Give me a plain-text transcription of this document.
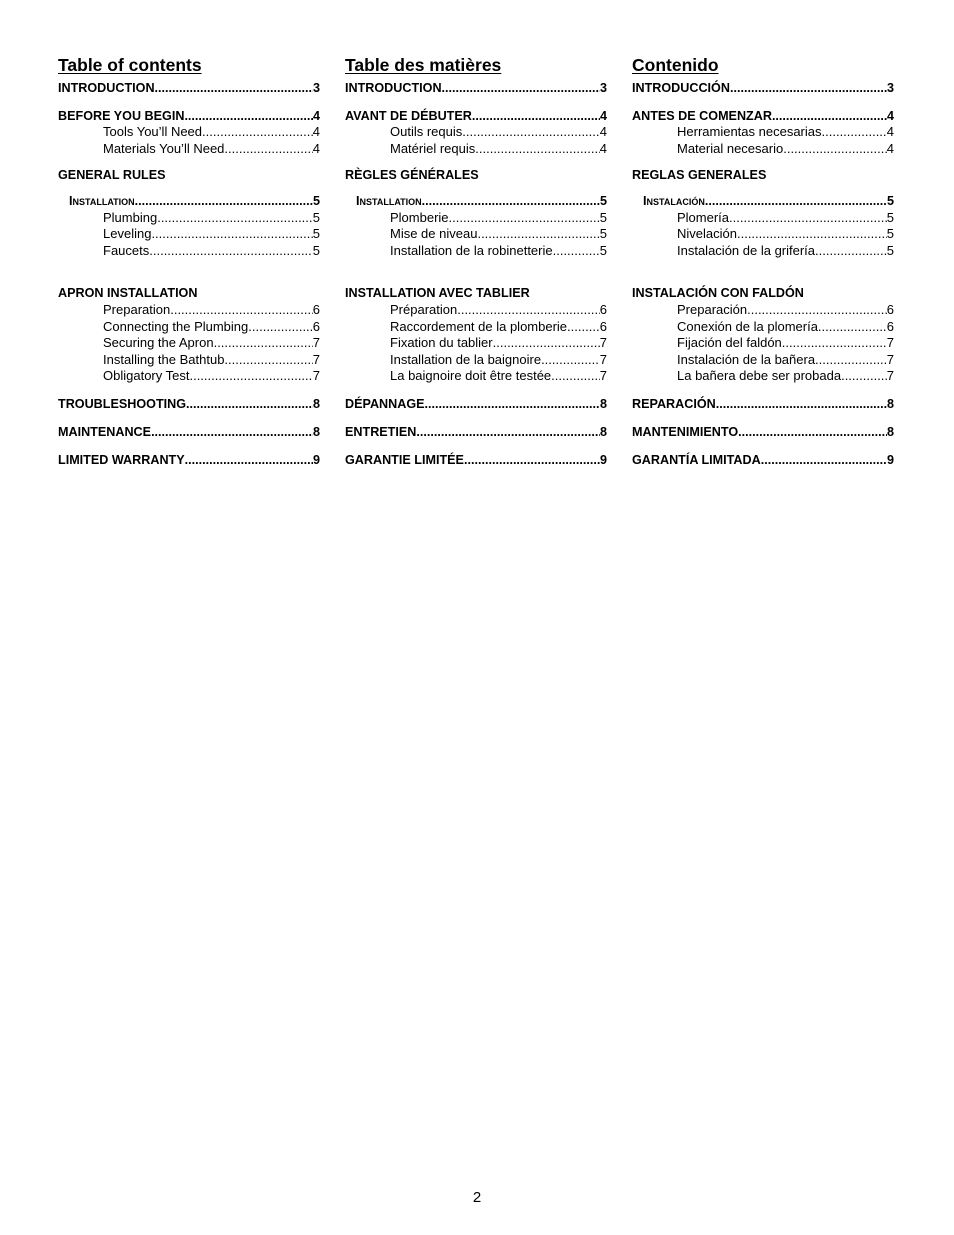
Table of contents
INTRODUCTION .....	3
BEFORE YOU BEGIN .....	4
Tools You’ll Need .....	4
Materials You’ll Need .....	4
GENERAL RULES
Installation .....	5
Plumbing .....	5
Leveling .....	5
Faucets .....	5
APRON INSTALLATION
Preparation .....	6
Connecting the Plumbing .....	6
Securing the Apron .....	7
Installing the Bathtub .....	7
Obligatory Test .....	7
TROUBLESHOOTING .....	8
MAINTENANCE .....	8
LIMITED WARRANTY .....	9
Table des matières
INTRODUCTION .....	3
AVANT DE DÉBUTER .....	4
Outils requis .....	4
Matériel requis .....	4
RÈGLES GÉNÉRALES
Installation .....	5
Plomberie .....	5
Mise de niveau .....	5
Installation de la robinetterie .....	5
INSTALLATION AVEC TABLIER
Préparation .....	6
Raccordement de la plomberie .....	6
Fixation du tablier .....	7
Installation de la baignoire .....	7
La baignoire doit être testée .....	7
DÉPANNAGE .....	8
ENTRETIEN .....	8
GARANTIE LIMITÉE .....	9
Contenido
INTRODUCCIÓN .....	3
ANTES DE COMENZAR .....	4
Herramientas necesarias .....	4
Material necesario .....	4
REGLAS GENERALES
Instalación .....	5
Plomería .....	5
Nivelación .....	5
Instalación de la grifería .....	5
INSTALACIÓN CON FALDÓN
Preparación .....	6
Conexión de la plomería .....	6
Fijación del faldón .....	7
Instalación de la bañera .....	7
La bañera debe ser probada .....	7
REPARACIÓN .....	8
MANTENIMIENTO .....	8
GARANTÍA LIMITADA .....	9
2
